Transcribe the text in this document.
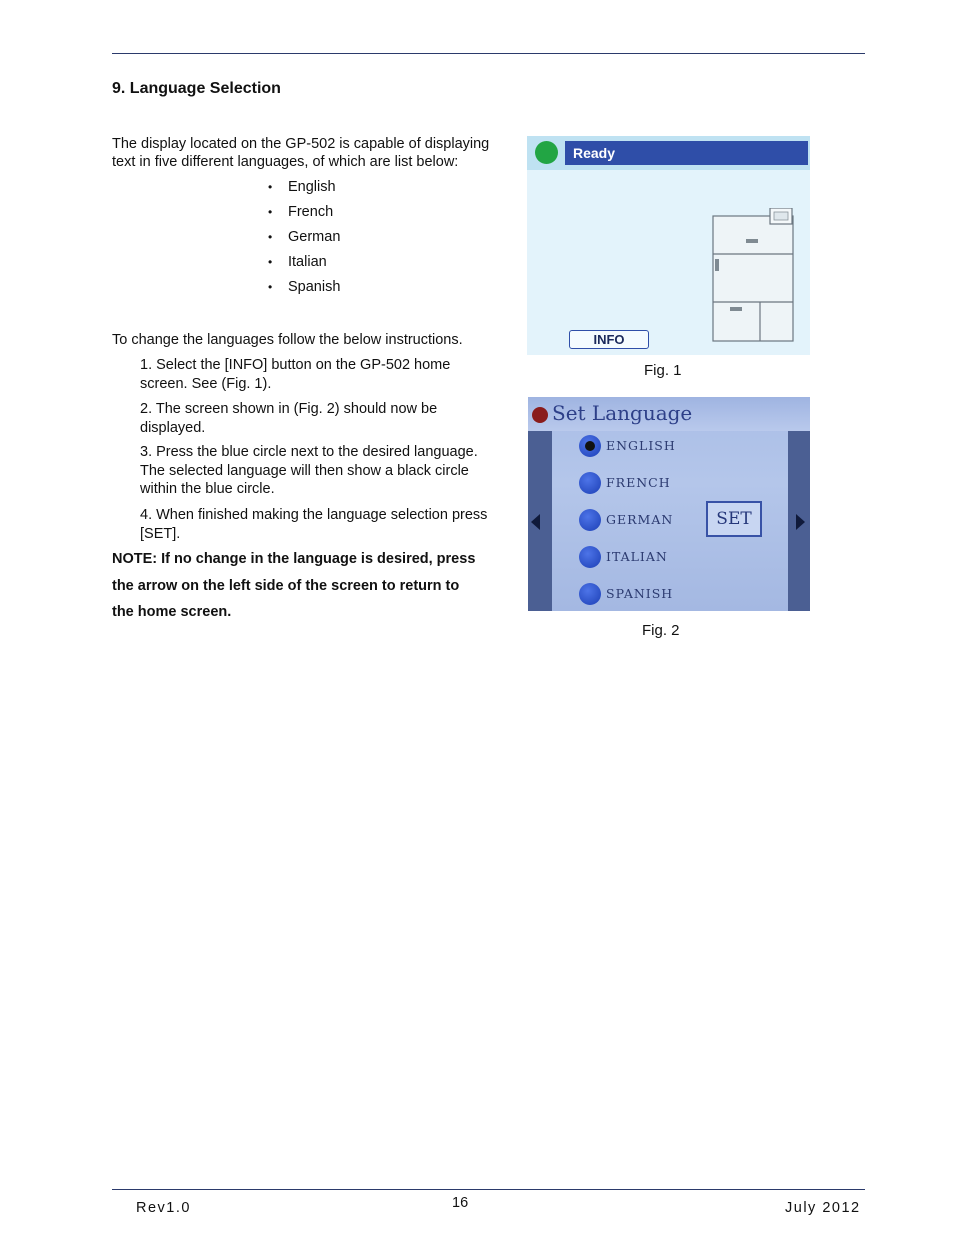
9. Language Selection

The display located on the GP-502 is capable of displaying
text in five different languages, of which are list below:

• English
• French
• German
• Italian
• Spanish

To change the languages follow the below instructions.

1. Select the [INFO] button on the GP-502 home
screen. See (Fig. 1).

2. The screen shown in (Fig. 2) should now be
displayed.

3. Press the blue circle next to the desired language.
The selected language will then show a black circle
within the blue circle.

4. When finished making the language selection press
[SET].

NOTE: If no change in the language is desired, press
the arrow on the left side of the screen to return to
the home screen.

Ready
INFO
Fig. 1
Set Language
ENGLISH
FRENCH
GERMAN
ITALIAN
SPANISH
SET
Fig. 2
Rev1.0	16	July 2012
